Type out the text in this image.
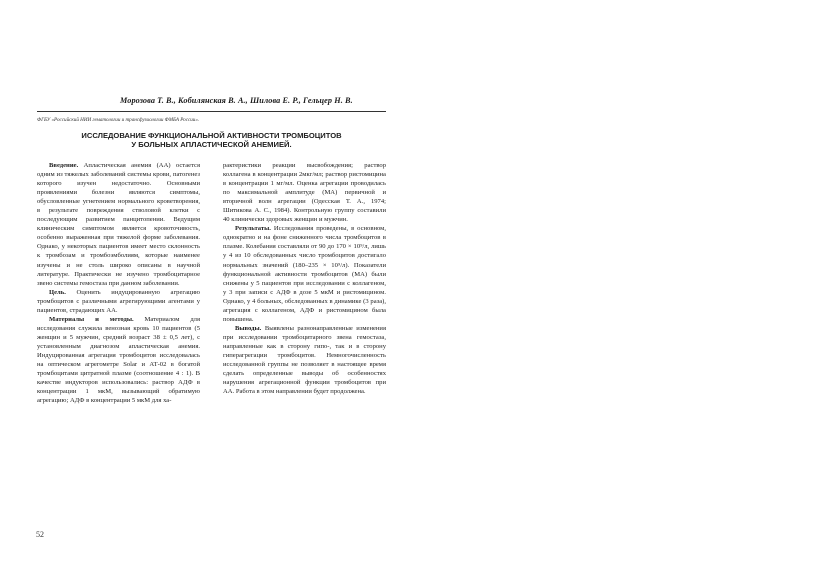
Морозова Т. В., Кобилянская В. А., Шилова Е. Р., Гельцер Н. В.
ФГБУ «Российский НИИ гематологии и трансфузиологии ФМБА России».
ИССЛЕДОВАНИЕ ФУНКЦИОНАЛЬНОЙ АКТИВНОСТИ ТРОМБОЦИТОВ
У БОЛЬНЫХ АПЛАСТИЧЕСКОЙ АНЕМИЕЙ.

Введение. Апластическая анемия (АА) остается одним из тяжелых заболеваний системы крови, патогенез которого изучен недостаточно. Основными проявлениями болезни являются симптомы, обусловленные угнетением нормального кроветворения, в результате повреждения стволовой клетки с последующим развитием панцитопении. Ведущим клиническим симптомом является кровоточивость, особенно выраженная при тяжелой форме заболевания. Однако, у некоторых пациентов имеет место склонность к тромбозам и тромбоэмболиям, которые наименее изучены и не столь широко описаны в научной литературе. Практически не изучено тромбоцитарное звено системы гемостаза при данном заболевании.

Цель. Оценить индуцированную агрегацию тромбоцитов с различными агрегирующими агентами у пациентов, страдающих АА.

Материалы и методы. Материалом для исследования служила венозная кровь 10 пациентов (5 женщин и 5 мужчин, средний возраст 38 ± 0,5 лет), с установленным диагнозом апластическая анемия. Индуцированная агрегация тромбоцитов исследовалась на оптическом агрегометре Solar и АТ-02 в богатой тромбоцитами цитратной плазме (соотношение 4 : 1). В качестве индукторов использовались: раствор АДФ в концентрации 1 мкМ, вызывающий обратимую агрегацию; АДФ в концентрации 5 мкМ для ха-

рактеристики реакции высвобождения; раствор коллагена в концентрации 2мкг/мл; раствор ристомицина в концентрации 1 мг/мл. Оценка агрегации проводилась по максимальной амплитуде (МА) первичной и вторичной волн агрегации (Одесская Т. А., 1974; Шитикова А. С., 1984). Контрольную группу составили 40 клинически здоровых женщин и мужчин.

Результаты. Исследования проведены, в основном, однократно и на фоне сниженного числа тромбоцитов в плазме. Колебания составляли от 90 до 170 × 10⁹/л, лишь у 4 из 10 обследованных число тромбоцитов достигало нормальных значений (180–235 × 10⁹/л). Показатели функциональной активности тромбоцитов (МА) были снижены у 5 пациентов при исследовании с коллагеном, у 3 при записи с АДФ в дозе 5 мкМ и ристомицином. Однако, у 4 больных, обследованных в динамике (3 раза), агрегация с коллагеном, АДФ и ристомицином была повышена.

Выводы. Выявлены разнонаправленные изменения при исследовании тромбоцитарного звена гемостаза, направленные как в сторону гипо-, так и в сторону гиперагрегации тромбоцитов. Немногочисленность исследованной группы не позволяет в настоящее время сделать определенные выводы об особенностях нарушения агрегационной функции тромбоцитов при АА. Работа в этом направлении будет продолжена.

52
